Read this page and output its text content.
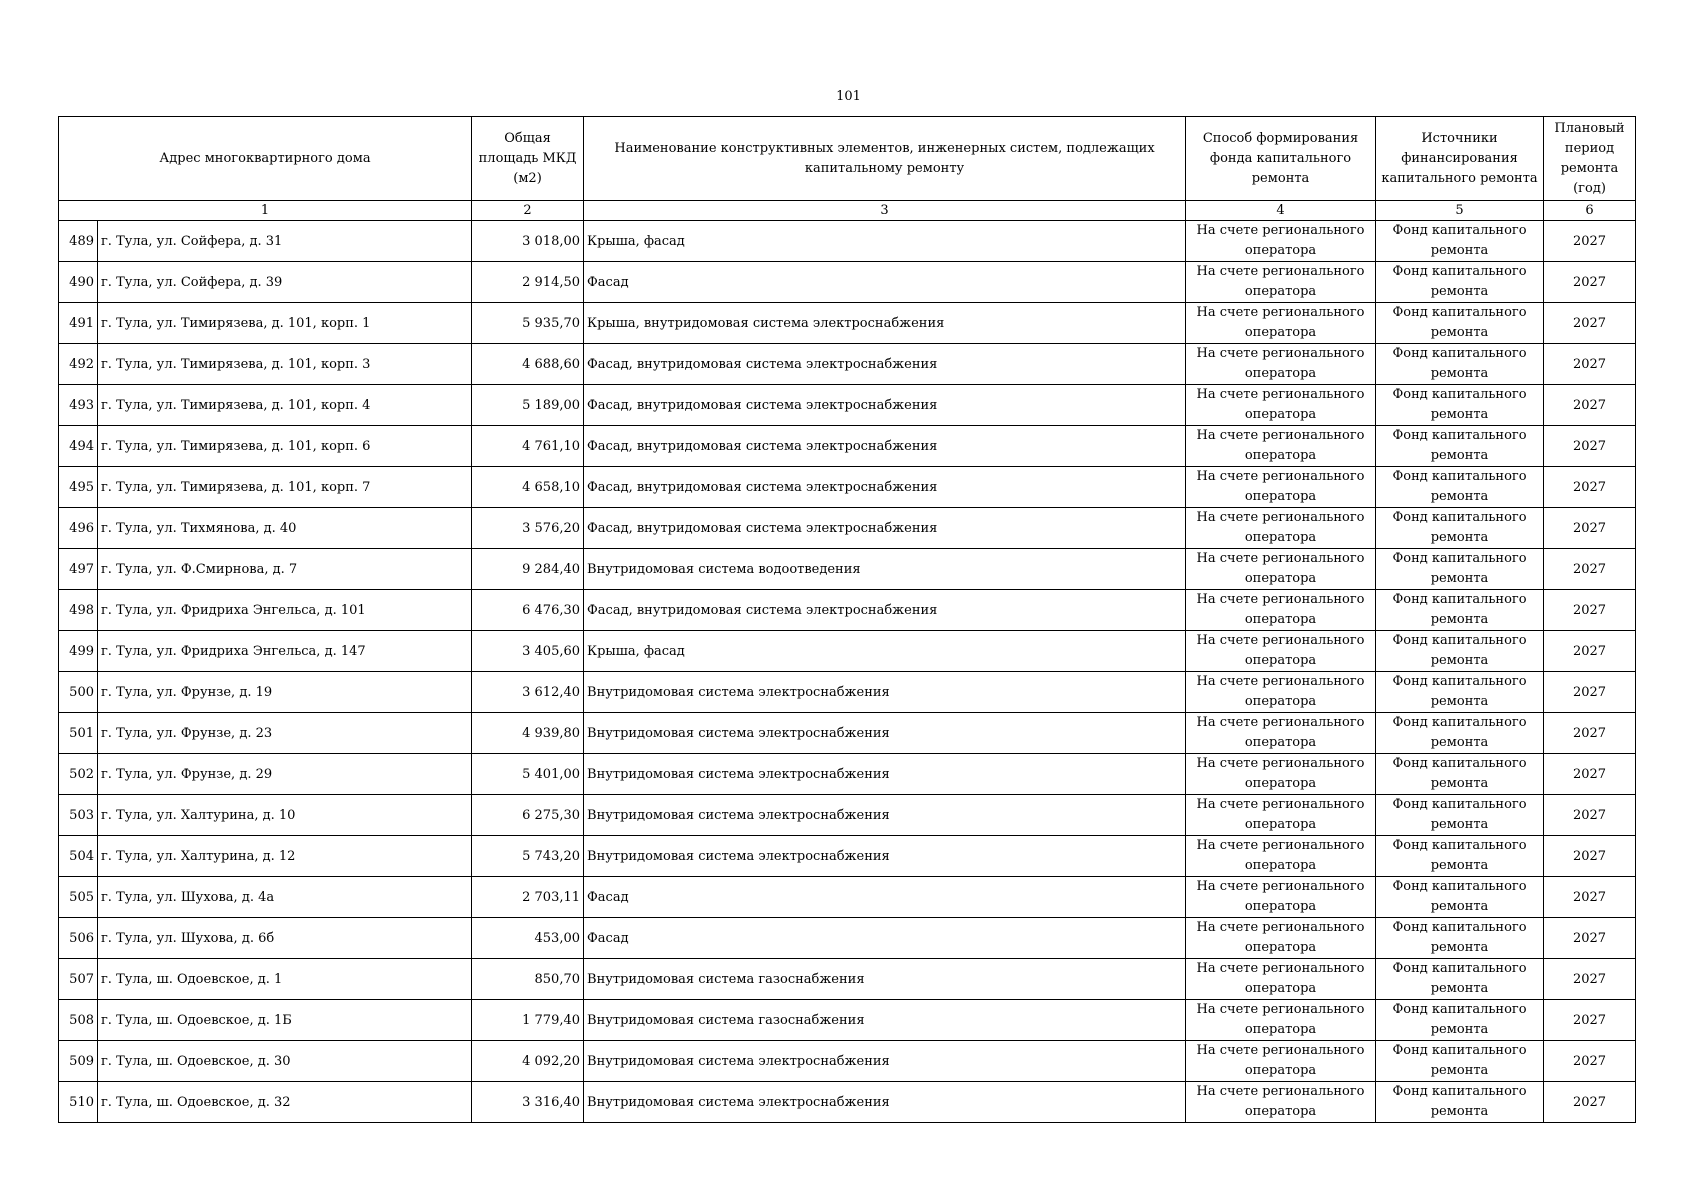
101
Адрес многоквартирного дома		Общая площадь МКД (м2)	Наименование конструктивных элементов, инженерных систем, подлежащих капитальному ремонту	Способ формирования фонда капитального ремонта	Источники финансирования капитального ремонта	Плановый период ремонта (год)
1		2	3	4	5	6
489	г. Тула, ул. Сойфера, д. 31	3 018,00	Крыша, фасад	На счете регионального оператора	Фонд капитального ремонта	2027
490	г. Тула, ул. Сойфера, д. 39	2 914,50	Фасад	На счете регионального оператора	Фонд капитального ремонта	2027
491	г. Тула, ул. Тимирязева, д. 101, корп. 1	5 935,70	Крыша, внутридомовая система электроснабжения	На счете регионального оператора	Фонд капитального ремонта	2027
492	г. Тула, ул. Тимирязева, д. 101, корп. 3	4 688,60	Фасад, внутридомовая система электроснабжения	На счете регионального оператора	Фонд капитального ремонта	2027
493	г. Тула, ул. Тимирязева, д. 101, корп. 4	5 189,00	Фасад, внутридомовая система электроснабжения	На счете регионального оператора	Фонд капитального ремонта	2027
494	г. Тула, ул. Тимирязева, д. 101, корп. 6	4 761,10	Фасад, внутридомовая система электроснабжения	На счете регионального оператора	Фонд капитального ремонта	2027
495	г. Тула, ул. Тимирязева, д. 101, корп. 7	4 658,10	Фасад, внутридомовая система электроснабжения	На счете регионального оператора	Фонд капитального ремонта	2027
496	г. Тула, ул. Тихмянова, д. 40	3 576,20	Фасад, внутридомовая система электроснабжения	На счете регионального оператора	Фонд капитального ремонта	2027
497	г. Тула, ул. Ф.Смирнова, д. 7	9 284,40	Внутридомовая система водоотведения	На счете регионального оператора	Фонд капитального ремонта	2027
498	г. Тула, ул. Фридриха Энгельса, д. 101	6 476,30	Фасад, внутридомовая система электроснабжения	На счете регионального оператора	Фонд капитального ремонта	2027
499	г. Тула, ул. Фридриха Энгельса, д. 147	3 405,60	Крыша, фасад	На счете регионального оператора	Фонд капитального ремонта	2027
500	г. Тула, ул. Фрунзе, д. 19	3 612,40	Внутридомовая система электроснабжения	На счете регионального оператора	Фонд капитального ремонта	2027
501	г. Тула, ул. Фрунзе, д. 23	4 939,80	Внутридомовая система электроснабжения	На счете регионального оператора	Фонд капитального ремонта	2027
502	г. Тула, ул. Фрунзе, д. 29	5 401,00	Внутридомовая система электроснабжения	На счете регионального оператора	Фонд капитального ремонта	2027
503	г. Тула, ул. Халтурина, д. 10	6 275,30	Внутридомовая система электроснабжения	На счете регионального оператора	Фонд капитального ремонта	2027
504	г. Тула, ул. Халтурина, д. 12	5 743,20	Внутридомовая система электроснабжения	На счете регионального оператора	Фонд капитального ремонта	2027
505	г. Тула, ул. Шухова, д. 4а	2 703,11	Фасад	На счете регионального оператора	Фонд капитального ремонта	2027
506	г. Тула, ул. Шухова, д. 6б	453,00	Фасад	На счете регионального оператора	Фонд капитального ремонта	2027
507	г. Тула, ш. Одоевское, д. 1	850,70	Внутридомовая система газоснабжения	На счете регионального оператора	Фонд капитального ремонта	2027
508	г. Тула, ш. Одоевское, д. 1Б	1 779,40	Внутридомовая система газоснабжения	На счете регионального оператора	Фонд капитального ремонта	2027
509	г. Тула, ш. Одоевское, д. 30	4 092,20	Внутридомовая система электроснабжения	На счете регионального оператора	Фонд капитального ремонта	2027
510	г. Тула, ш. Одоевское, д. 32	3 316,40	Внутридомовая система электроснабжения	На счете регионального оператора	Фонд капитального ремонта	2027
